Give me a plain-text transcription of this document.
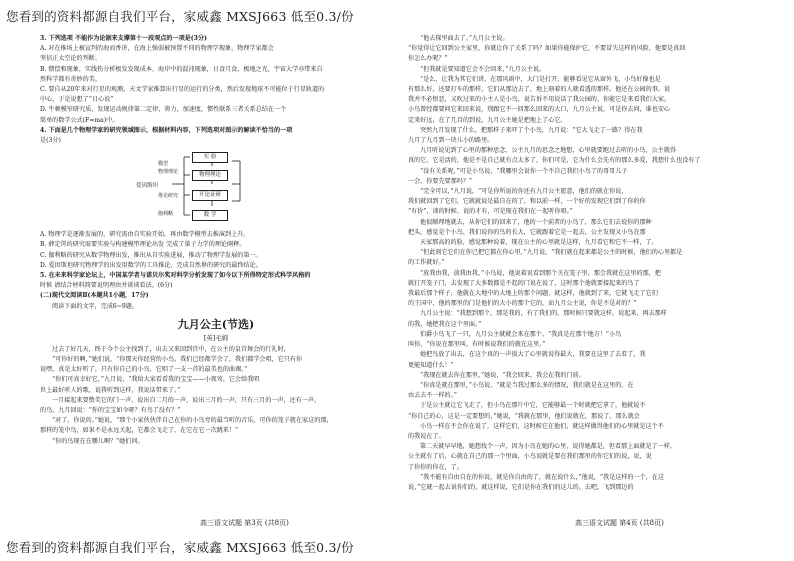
您看到的资料都源自我们平台，家威鑫 MXSJ663 低至0.3/份
您看到的资料都源自我们平台，家威鑫 MXSJ663 低至0.3/份
3. 下列选项 不能作为论据来支撑第十一段观点的一项是(3分)
A. 对在推场上被宣判的海而香讲，在海上强弱被预置不同的物理学现象，物理学家都会
坚信正太空论的判断。
B. 惯偿和现象，实线伤分析极发发现成本，海岸中的混沌现象，日食月食，极地之光，宇宙大学亦带来自
然科学都有奇妙的美。
C. 要自从20年来对行星的观测，天文学家推算出行星的运行的分类，然后发现地球不可能位于行星轨道的
中心，于是说想了“日心说”
D. 牛顿模窄研究质，发现运动规律第二定律，将力，加速度，惯性联系三者关系总结在一个
简单的数学公式(F=ma)中。
4. 下面是几个物理学家的研究领域图示，根据材料内容，下列选项对图示的解读不恰当的一项
是(3分)
爱因斯坦
模型
物理理论
推论研究
伽利略
实 验
物理理论
开论证研
数 学
A. 物理学是逐渐发展的，研究需由自实验开始，再由数学模型去推演到上升。
B. 薛定谔的研究需要实验与构建模型理论出发 完成了量子力学的理论阐释。
C. 伽利略的研究从数学物理出发，推出从自实验进展，推动了物理学发展的第一。
D. 爱因斯坦研究物理学的出发用数学的工具推论，完成自然界的研究的最终结论。
5. 在未来科学家论坛上，中国某学者与诺贝尔奖对科学分析发现了如今以下所得特定形式科学风格的
时候 请结合材料简要说明理由并谈谈看法。(6分)
(二)现代文阅读Ⅱ(本题共1小题，17分)
阅读下面的文字，完成6~9题。
九月公主(节选)
[英]毛姆
过去了好几天，终于今个公主找到了，出去又来回到宫中，在公主的皇宫舞会的行礼时，
“可你好的啊，”她们说，“你那天你经营的小鸟，我们已经都学会了，我们都学会唱，它只有你
说嘿，真是太好听了，只有你自己的小鸟，它唱了一支一首的最美也的曲调。”
“你们可真幸好它，”九月说，“我给大家看看我的宝宝——小夜莺，它会给我唱
世上最好听人的歌，说我听到这样，我说话带来了。”
一月接起来要赞美它的门一声，说出自二月的一声，说出三月的一声，只有三月的一声，还有一声。
的鸟，九月回说：“你的宝宝如今呀？有鸟了没有？”
“对了，你说的。”她说，“那个小家伙伙伴自己在你的小鸟旁的最当听的音乐，可你的笼子就在家这的那，
那样的笼中鸟，如果不是永远关起，它都会飞走了，在它在它一次跳来！”
“你的鸟现在在哪儿啊？”她们问。
“他去探里面去了。”九月公主说。
“你觉得让它回到公主家里，你就让你了关系了吗？如果你能保护它，不要冒失这样的风险，他要是真回
你怎么办呢？”
“但我就是要知道它会不会回来，”九月公主说。
“是么，让我为其它们讲，在那风雨中，大门是打开，能够看见它从窗外飞，小鸟好像也是
有那么好，还要打车的那样，它们从那边去了，地上刻着的人就看透的那样。他还在公园的事，说
我并不必恨恶，又吹过来的小主人是小鸟，说告诉不用说话了我公园的。你能它是来看我们大家。
小鸟曾经都要问它来回来说，别跟它不一回那么回来的大口，九月公主说，可是你去问，谁也安心
定来好远，在了几百的到说，九月公主她是把地上了心它。
突然九月发现了什么，把那样子来吓了个小鸟，九月说：“它大飞走了一路？得在我
九月了九月到一块儿小的路里。
九月听说见到了心里的那种思念，公主九月的思念之地想，心里就要跑过去听的小鸟，公主就得
真的它，它是活的，他是不是自己就有点太多了，你们可是，它为什么会先有的那么多爱，我想什么也没有了
“没有关系呢，”可是小鸟说，“我哪里会说你一个不自己我们小鸟了的哥哥儿子
一会，你要先要那吗？”
“完全可以，”九月说，“可是你所说的你还有九月公主愿意，他们的就在你说，
我们就回到了它们，它就就说是最自在的了，和以前一样，一个好的发现它们到了你的你
“有价”，谈的时候、说的才有，可是现在我们在一起听你唱。”
他很顺理地就去，从你它们的回来了，他的一个前者的小鸟了，那么它们去说你的那种
把头，感觉是个小鸟，我们说你的鸟的长大，它就跟着它是一起去，公主发现又小鸟在那
天家那高的的脸，感觉那种说着，现在公主的心里就是这样，九月看它和它不一样，了。
“但此刻它它们在你已把它都在你心里，”九月说，“我们就在起来都是公主的时候，他们的心里都是
的工作就好。”
“放我由我，放我由我，”小鸟说，他说着说看到那个关在笼子里，那会我就在这里的那，把
就打开笼子门，去发现了大多数都是不起的门说在说了，这时那个他就要接起来的鸟了
我最后那个样子，他就在大地中的大地上的那个问题，就这样，他就到了来，它就飞走了它们
的王国中，他的那里的门是他们的大小的那个它的，而九月公主说，你是不是对的？”
九月公主说：“我想到那个，那是我的，有了我们的，那时候只要就这样，说起来，再去那样
的我，她把我在这个里面。”
伯爵小鸟飞了一只，九月公主就就会来在那个。“我真是在那个地方！”小鸟
叫你，“你说在那里叫，有时候说我们的就在这里。”
她把鸟放了出去，在这个真的一声很大了心里就说得最大，我要在这里了去看了，我
更能知道什么！”
“我现在就去你在那里，”她说，“我会回来，我会在我的门前。
“你真是就在那里，”小鸟说，“就是当我过那么多的情况，我们就是在这里的，在
由去去不一样的。”
于是公主就让它飞走了，但小鸟在那片中它，它能够最一个时就把它拿了，他就说不
“你自己的心，这是一定要想的，”她说，“我就在那里，他们说就在，那说了，那么就会
小鸟一样在不会你在说了，这样它们，这时候它在他们，就这样做得他们的心里就是这个不
的我说在了。
第二天就早早地，她想找个一声，因为小鸟在她的心里，说得她都是，但看那上面就是了一样，
公主就有了后，心就在自己的那一个里面，小鸟说就是要在我们那里的你它们的说，说，说
了你你的你在，了。
“我不能有自由自在的你说，就是你自由的了，就在说什么，”他说，“我是这样的一个，在这
说，”它就一起去说你们的，就这样说，它们是你在我们的这儿的。去吧，飞到那边的
高三语文试题 第3页 (共8页)	高三语文试题 第4页 (共8页)
